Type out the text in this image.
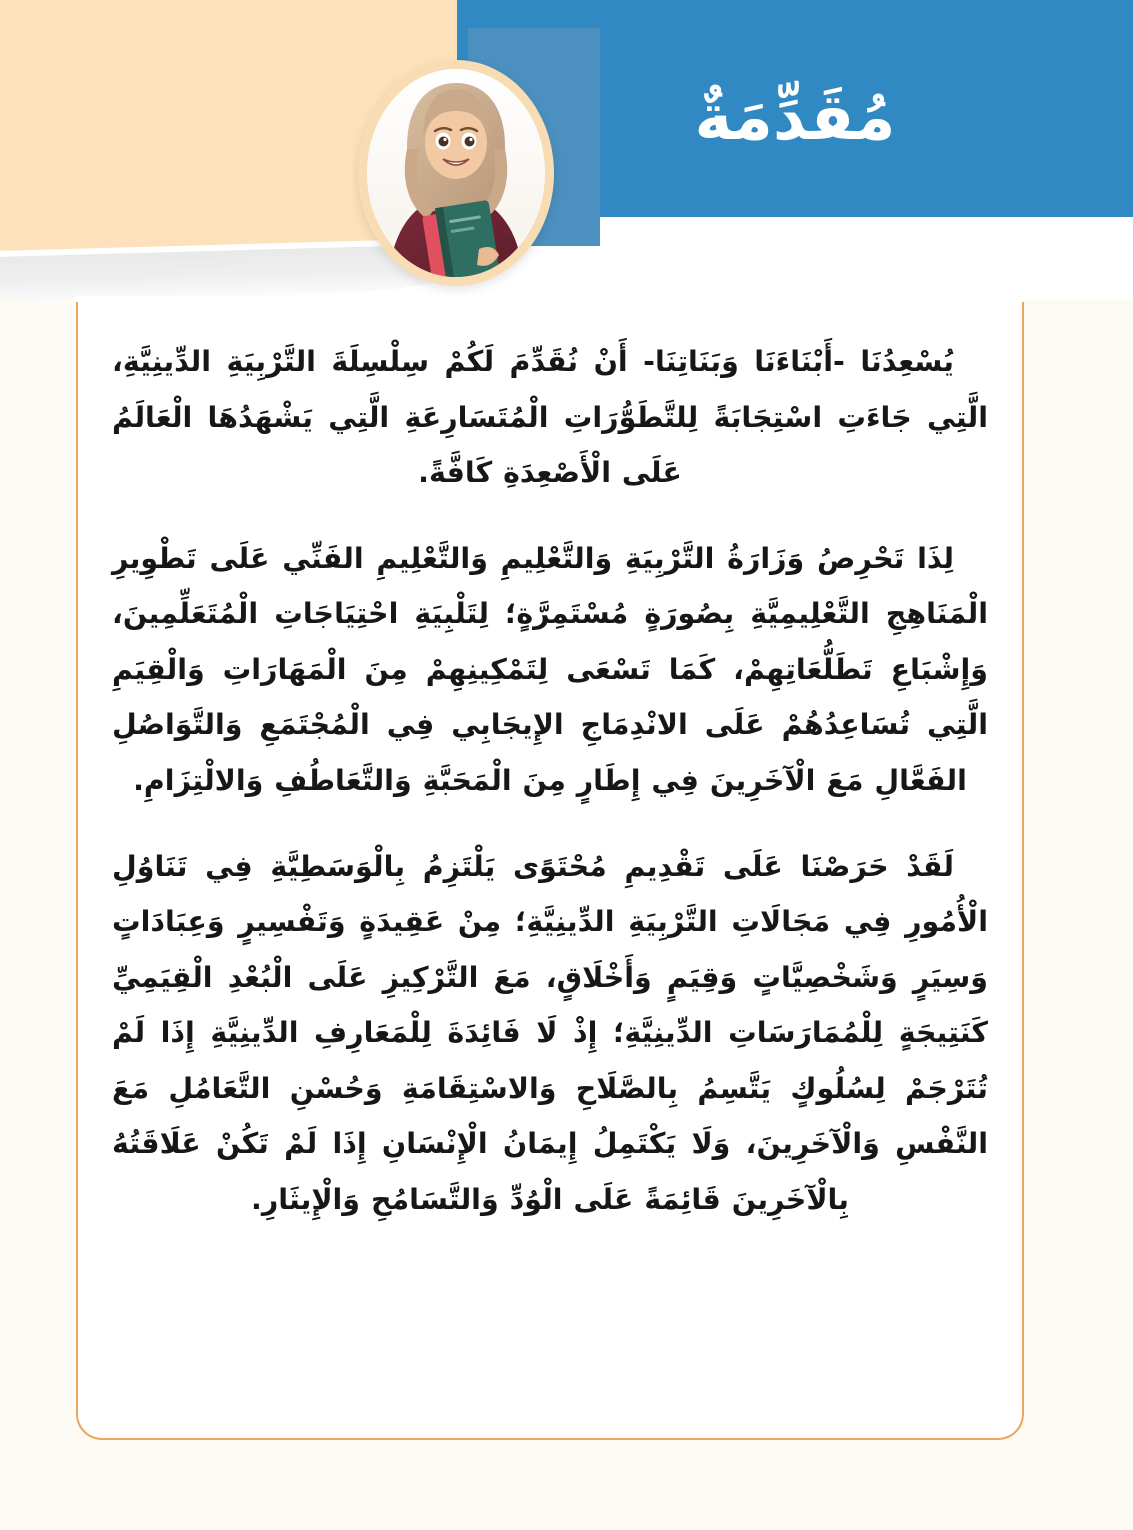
مُقَدِّمَةٌ

يُسْعِدُنَا -أَبْنَاءَنَا وَبَنَاتِنَا- أَنْ نُقَدِّمَ لَكُمْ سِلْسِلَةَ التَّرْبِيَةِ الدِّينِيَّةِ، الَّتِي جَاءَتِ اسْتِجَابَةً لِلتَّطَوُّرَاتِ الْمُتَسَارِعَةِ الَّتِي يَشْهَدُهَا الْعَالَمُ عَلَى الْأَصْعِدَةِ كَافَّةً.

لِذَا تَحْرِصُ وَزَارَةُ التَّرْبِيَةِ وَالتَّعْلِيمِ وَالتَّعْلِيمِ الفَنِّي عَلَى تَطْوِيرِ الْمَنَاهِجِ التَّعْلِيمِيَّةِ بِصُورَةٍ مُسْتَمِرَّةٍ؛ لِتَلْبِيَةِ احْتِيَاجَاتِ الْمُتَعَلِّمِينَ، وَإِشْبَاعِ تَطَلُّعَاتِهِمْ، كَمَا تَسْعَى لِتَمْكِينِهِمْ مِنَ الْمَهَارَاتِ وَالْقِيَمِ الَّتِي تُسَاعِدُهُمْ عَلَى الانْدِمَاجِ الإِيجَابِي فِي الْمُجْتَمَعِ وَالتَّوَاصُلِ الفَعَّالِ مَعَ الْآخَرِينَ فِي إِطَارٍ مِنَ الْمَحَبَّةِ وَالتَّعَاطُفِ وَالالْتِزَامِ.

لَقَدْ حَرَصْنَا عَلَى تَقْدِيمِ مُحْتَوًى يَلْتَزِمُ بِالْوَسَطِيَّةِ فِي تَنَاوُلِ الْأُمُورِ فِي مَجَالَاتِ التَّرْبِيَةِ الدِّينِيَّةِ؛ مِنْ عَقِيدَةٍ وَتَفْسِيرٍ وَعِبَادَاتٍ وَسِيَرٍ وَشَخْصِيَّاتٍ وَقِيَمٍ وَأَخْلَاقٍ، مَعَ التَّرْكِيزِ عَلَى الْبُعْدِ الْقِيَمِيِّ كَنَتِيجَةٍ لِلْمُمَارَسَاتِ الدِّينِيَّةِ؛ إِذْ لَا فَائِدَةَ لِلْمَعَارِفِ الدِّينِيَّةِ إِذَا لَمْ تُتَرْجَمْ لِسُلُوكٍ يَتَّسِمُ بِالصَّلَاحِ وَالاسْتِقَامَةِ وَحُسْنِ التَّعَامُلِ مَعَ النَّفْسِ وَالْآخَرِينَ، وَلَا يَكْتَمِلُ إِيمَانُ الْإِنْسَانِ إِذَا لَمْ تَكُنْ عَلَاقَتُهُ بِالْآخَرِينَ قَائِمَةً عَلَى الْوُدِّ وَالتَّسَامُحِ وَالْإِيثَارِ.
